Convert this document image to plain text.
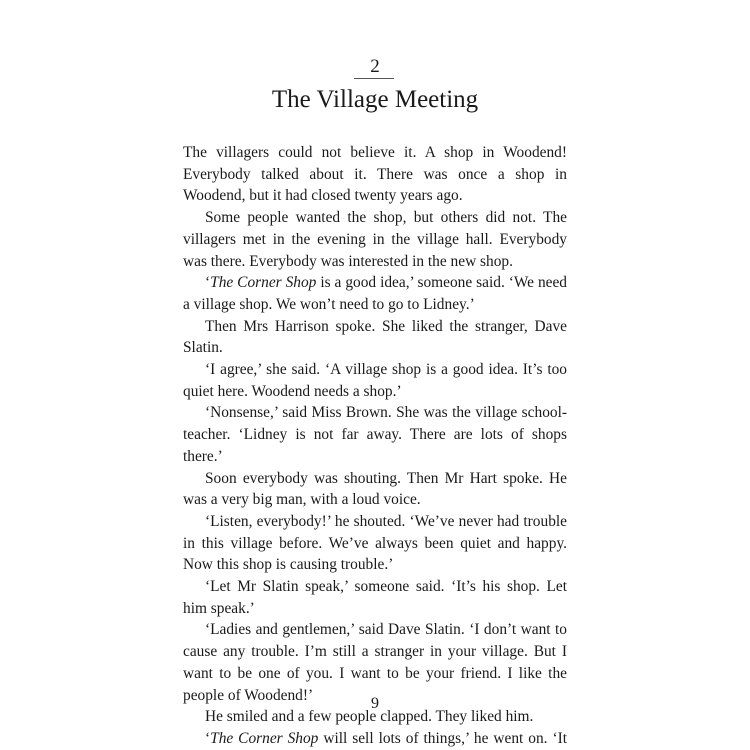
2
The Village Meeting

The villagers could not believe it. A shop in Woodend! Everybody talked about it. There was once a shop in Woodend, but it had closed twenty years ago.

Some people wanted the shop, but others did not. The villagers met in the evening in the village hall. Everybody was there. Everybody was interested in the new shop.

‘The Corner Shop is a good idea,’ someone said. ‘We need a village shop. We won’t need to go to Lidney.’

Then Mrs Harrison spoke. She liked the stranger, Dave Slatin.

‘I agree,’ she said. ‘A village shop is a good idea. It’s too quiet here. Woodend needs a shop.’

‘Nonsense,’ said Miss Brown. She was the village school-teacher. ‘Lidney is not far away. There are lots of shops there.’

Soon everybody was shouting. Then Mr Hart spoke. He was a very big man, with a loud voice.

‘Listen, everybody!’ he shouted. ‘We’ve never had trouble in this village before. We’ve always been quiet and happy. Now this shop is causing trouble.’

‘Let Mr Slatin speak,’ someone said. ‘It’s his shop. Let him speak.’

‘Ladies and gentlemen,’ said Dave Slatin. ‘I don’t want to cause any trouble. I’m still a stranger in your village. But I want to be one of you. I want to be your friend. I like the people of Woodend!’

He smiled and a few people clapped. They liked him.

‘The Corner Shop will sell lots of things,’ he went on. ‘It

9
